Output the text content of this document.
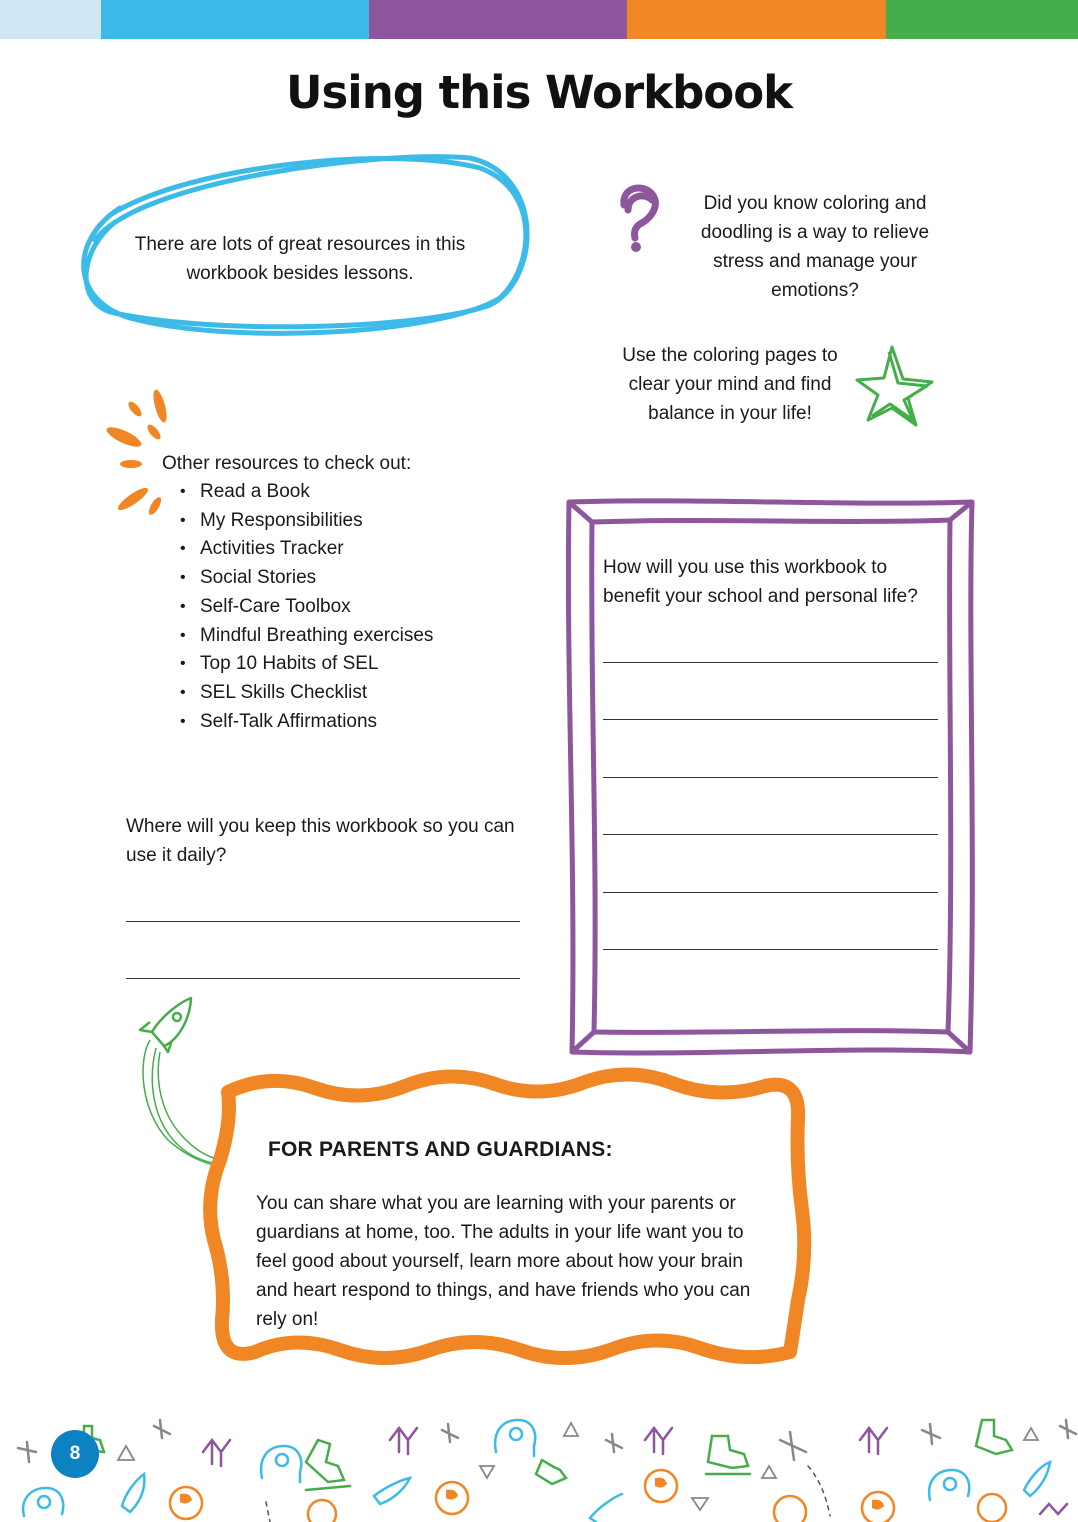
Using this Workbook
There are lots of great resources in this
workbook besides lessons.
Did you know coloring and
doodling is a way to relieve
stress and manage your
emotions?
Use the coloring pages to
clear your mind and find
balance in your life!
Other resources to check out:
• Read a Book
• My Responsibilities
• Activities Tracker
• Social Stories
• Self-Care Toolbox
• Mindful Breathing exercises
• Top 10 Habits of SEL
• SEL Skills Checklist
• Self-Talk Affirmations
How will you use this workbook to
benefit your school and personal life?
Where will you keep this workbook so you can
use it daily?
FOR PARENTS AND GUARDIANS:
You can share what you are learning with your parents or
guardians at home, too. The adults in your life want you to
feel good about yourself, learn more about how your brain
and heart respond to things, and have friends who you can
rely on!
8
